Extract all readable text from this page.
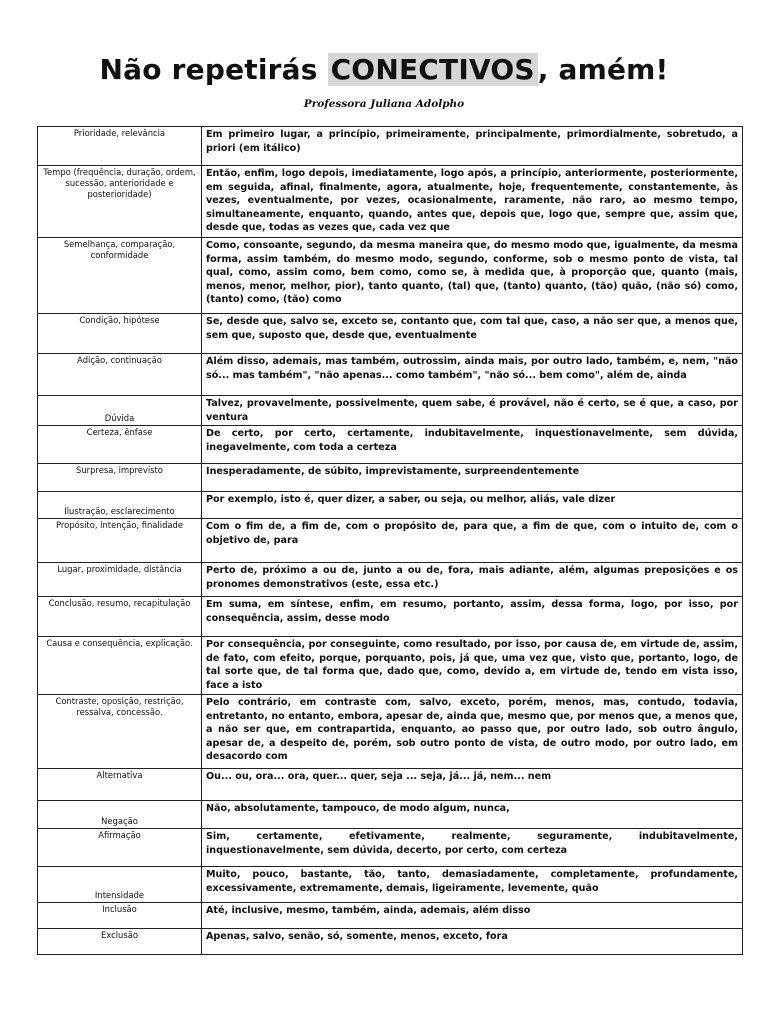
Não repetirás CONECTIVOS , amém!
Professora Juliana Adolpho
Prioridade, relevância	Em primeiro lugar, a princípio, primeiramente, principalmente, primordialmente, sobretudo, a priori (em itálico)
Tempo (frequência, duração, ordem, sucessão, anterioridade e posterioridade)	Então, enfim, logo depois, imediatamente, logo após, a princípio, anteriormente, posteriormente, em seguida, afinal, finalmente, agora, atualmente, hoje, frequentemente, constantemente, às vezes, eventualmente, por vezes, ocasionalmente, raramente, não raro, ao mesmo tempo, simultaneamente, enquanto, quando, antes que, depois que, logo que, sempre que, assim que, desde que, todas as vezes que, cada vez que
Semelhança, comparação, conformidade	Como, consoante, segundo, da mesma maneira que, do mesmo modo que, igualmente, da mesma forma, assim também, do mesmo modo, segundo, conforme, sob o mesmo ponto de vista, tal qual, como, assim como, bem como, como se, à medida que, à proporção que, quanto (mais, menos, menor, melhor, pior), tanto quanto, (tal) que, (tanto) quanto, (tão) quão, (não só) como, (tanto) como, (tão) como
Condição, hipótese	Se, desde que, salvo se, exceto se, contanto que, com tal que, caso, a não ser que, a menos que, sem que, suposto que, desde que, eventualmente
Adição, continuação	Além disso, ademais, mas também, outrossim, ainda mais, por outro lado, também, e, nem, "não só... mas também", "não apenas... como também", "não só... bem como", além de, ainda
Dúvida	Talvez, provavelmente, possivelmente, quem sabe, é provável, não é certo, se é que, a caso, por ventura
Certeza, ênfase	De certo, por certo, certamente, indubitavelmente, inquestionavelmente, sem dúvida, inegavelmente, com toda a certeza
Surpresa, imprevisto	Inesperadamente, de súbito, imprevistamente, surpreendentemente
Ilustração, esclarecimento	Por exemplo, isto é, quer dizer, a saber, ou seja, ou melhor, aliás, vale dizer
Propósito, intenção, finalidade	Com o fim de, a fim de, com o propósito de, para que, a fim de que, com o intuito de, com o objetivo de, para
Lugar, proximidade, distância	Perto de, próximo a ou de, junto a ou de, fora, mais adiante, além, algumas preposições e os pronomes demonstrativos (este, essa etc.)
Conclusão, resumo, recapitulação	Em suma, em síntese, enfim, em resumo, portanto, assim, dessa forma, logo, por isso, por consequência, assim, desse modo
Causa e consequência, explicação.	Por consequência, por conseguinte, como resultado, por isso, por causa de, em virtude de, assim, de fato, com efeito, porque, porquanto, pois, já que, uma vez que, visto que, portanto, logo, de tal sorte que, de tal forma que, dado que, como, devido a, em virtude de, tendo em vista isso, face a isto
Contraste, oposição, restrição, ressalva, concessão.	Pelo contrário, em contraste com, salvo, exceto, porém, menos, mas, contudo, todavia, entretanto, no entanto, embora, apesar de, ainda que, mesmo que, por menos que, a menos que, a não ser que, em contrapartida, enquanto, ao passo que, por outro lado, sob outro ângulo, apesar de, a despeito de, porém, sob outro ponto de vista, de outro modo, por outro lado, em desacordo com
Alternativa	Ou... ou, ora... ora, quer... quer, seja ... seja, já... já, nem... nem
Negação	Não, absolutamente, tampouco, de modo algum, nunca,
Afirmação	Sim, certamente, efetivamente, realmente, seguramente, indubitavelmente, inquestionavelmente, sem dúvida, decerto, por certo, com certeza
Intensidade	Muito, pouco, bastante, tão, tanto, demasiadamente, completamente, profundamente, excessivamente, extremamente, demais, ligeiramente, levemente, quão
Inclusão	Até, inclusive, mesmo, também, ainda, ademais, além disso
Exclusão	Apenas, salvo, senão, só, somente, menos, exceto, fora
